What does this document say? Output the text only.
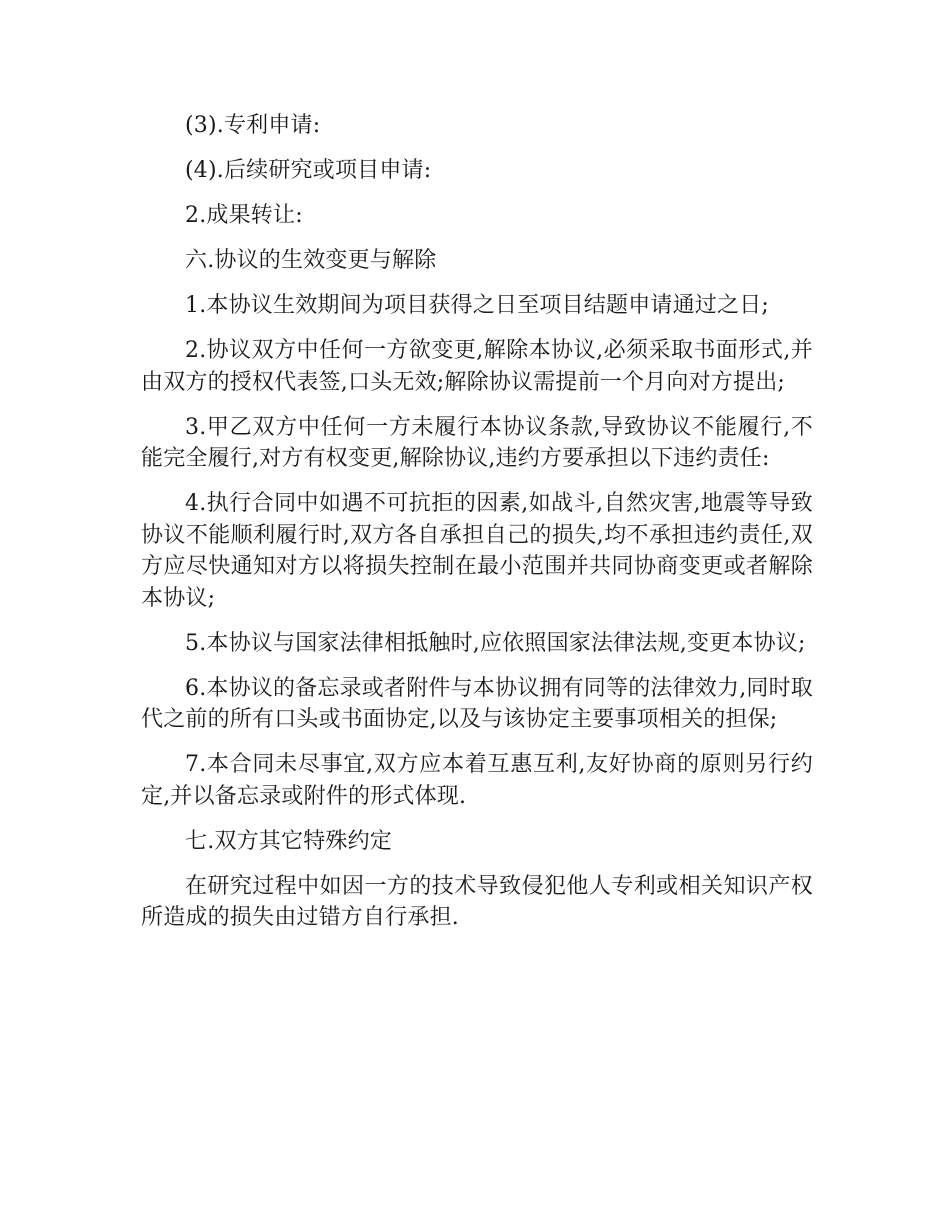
(3).专利申请:

(4).后续研究或项目申请:

2.成果转让:

六.协议的生效变更与解除

1.本协议生效期间为项目获得之日至项目结题申请通过之日;

2.协议双方中任何一方欲变更,解除本协议,必须采取书面形式,并由双方的授权代表签,口头无效;解除协议需提前一个月向对方提出;

3.甲乙双方中任何一方未履行本协议条款,导致协议不能履行,不能完全履行,对方有权变更,解除协议,违约方要承担以下违约责任:

4.执行合同中如遇不可抗拒的因素,如战斗,自然灾害,地震等导致协议不能顺利履行时,双方各自承担自己的损失,均不承担违约责任,双方应尽快通知对方以将损失控制在最小范围并共同协商变更或者解除本协议;

5.本协议与国家法律相抵触时,应依照国家法律法规,变更本协议;

6.本协议的备忘录或者附件与本协议拥有同等的法律效力,同时取代之前的所有口头或书面协定,以及与该协定主要事项相关的担保;

7.本合同未尽事宜,双方应本着互惠互利,友好协商的原则另行约定,并以备忘录或附件的形式体现.

七.双方其它特殊约定

在研究过程中如因一方的技术导致侵犯他人专利或相关知识产权所造成的损失由过错方自行承担.
